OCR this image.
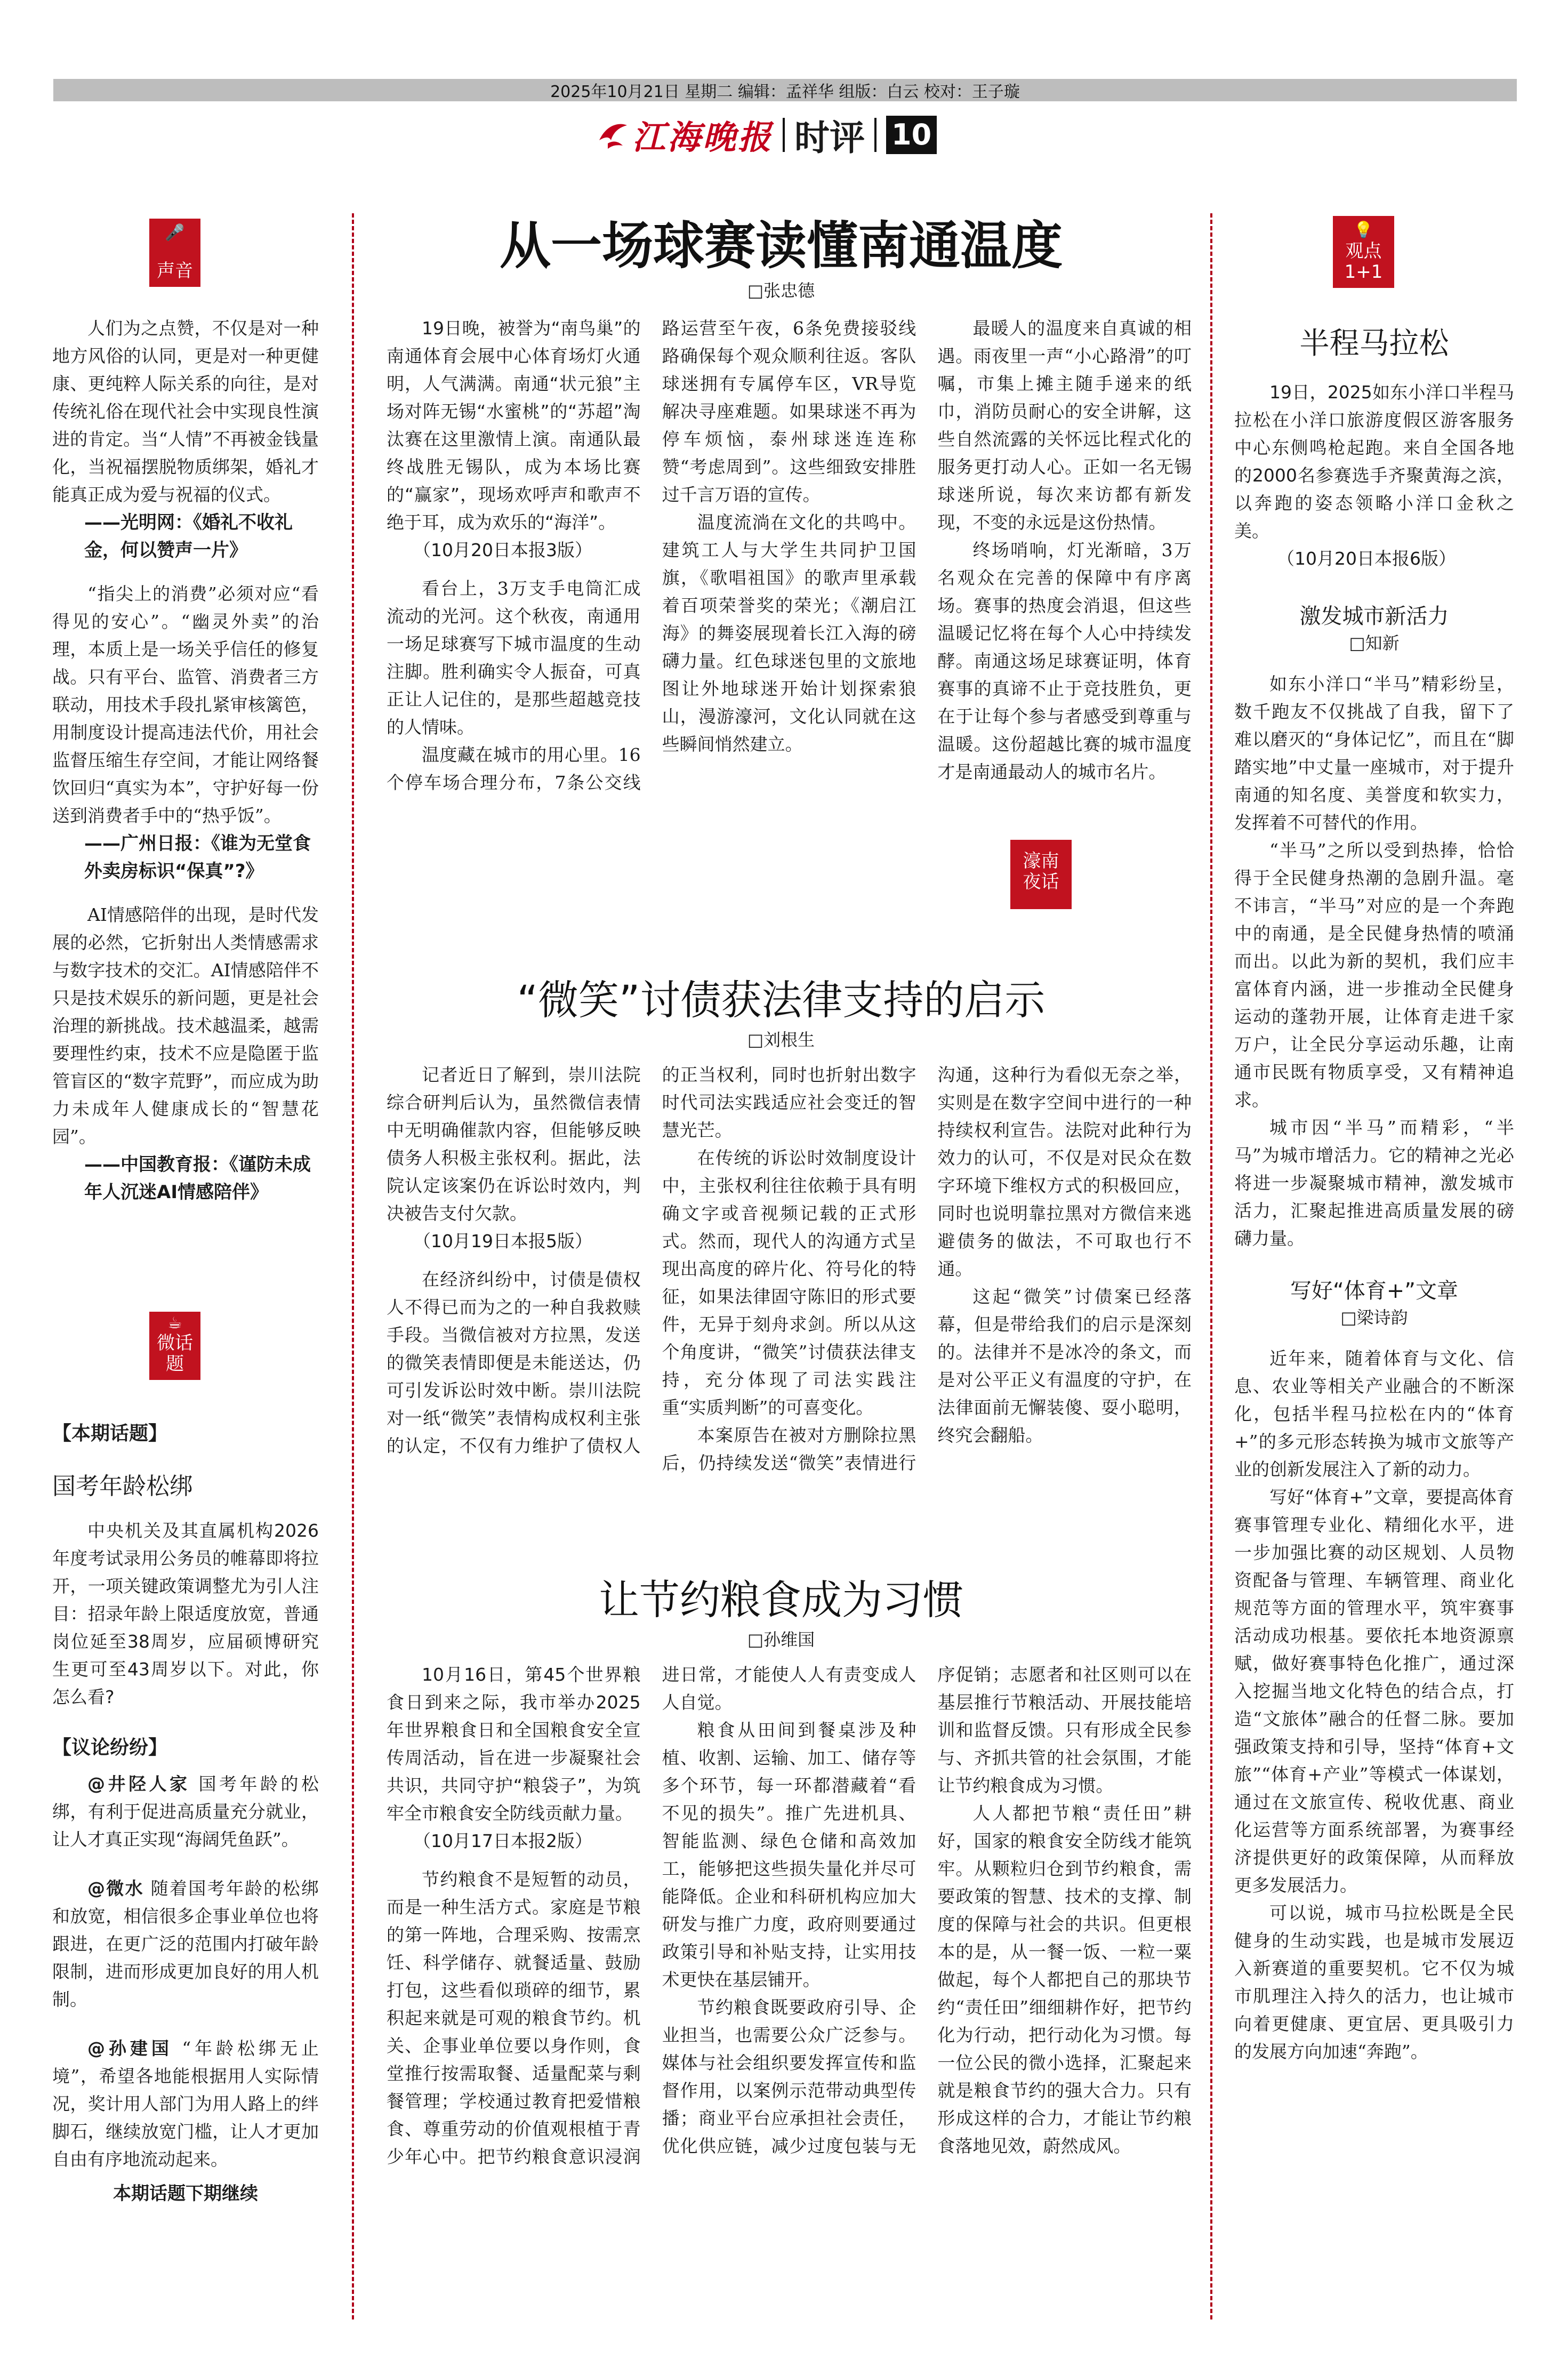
2025年10月21日 星期二 编辑：孟祥华 组版：白云 校对：王子璇
江海晚报 时评 10
🎤
声音

人们为之点赞，不仅是对一种地方风俗的认同，更是对一种更健康、更纯粹人际关系的向往，是对传统礼俗在现代社会中实现良性演进的肯定。当“人情”不再被金钱量化，当祝福摆脱物质绑架，婚礼才能真正成为爱与祝福的仪式。

——光明网：《婚礼不收礼金，何以赞声一片》

“指尖上的消费”必须对应“看得见的安心”。“幽灵外卖”的治理，本质上是一场关乎信任的修复战。只有平台、监管、消费者三方联动，用技术手段扎紧审核篱笆，用制度设计提高违法代价，用社会监督压缩生存空间，才能让网络餐饮回归“真实为本”，守护好每一份送到消费者手中的“热乎饭”。

——广州日报：《谁为无堂食外卖房标识“保真”?》

AI情感陪伴的出现，是时代发展的必然，它折射出人类情感需求与数字技术的交汇。AI情感陪伴不只是技术娱乐的新问题，更是社会治理的新挑战。技术越温柔，越需要理性约束，技术不应是隐匿于监管盲区的“数字荒野”，而应成为助力未成年人健康成长的“智慧花园”。

——中国教育报：《谨防未成年人沉迷AI情感陪伴》
☕
微话题
【本期话题】
国考年龄松绑

中央机关及其直属机构2026年度考试录用公务员的帷幕即将拉开，一项关键政策调整尤为引人注目：招录年龄上限适度放宽，普通岗位延至38周岁，应届硕博研究生更可至43周岁以下。对此，你怎么看?

【议论纷纷】

@井陉人家 国考年龄的松绑，有利于促进高质量充分就业，让人才真正实现“海阔凭鱼跃”。

@微水 随着国考年龄的松绑和放宽，相信很多企事业单位也将跟进，在更广泛的范围内打破年龄限制，进而形成更加良好的用人机制。

@孙建国 “年龄松绑无止境”，希望各地能根据用人实际情况，奖计用人部门为用人路上的绊脚石，继续放宽门槛，让人才更加自由有序地流动起来。

本期话题下期继续
从一场球赛读懂南通温度
□张忠德

19日晚，被誉为“南鸟巢”的南通体育会展中心体育场灯火通明，人气满满。南通“状元狼”主场对阵无锡“水蜜桃”的“苏超”淘汰赛在这里激情上演。南通队最终战胜无锡队，成为本场比赛的“赢家”，现场欢呼声和歌声不绝于耳，成为欢乐的“海洋”。

（10月20日本报3版）

看台上，3万支手电筒汇成流动的光河。这个秋夜，南通用一场足球赛写下城市温度的生动注脚。胜利确实令人振奋，可真正让人记住的，是那些超越竞技的人情味。

温度藏在城市的用心里。16个停车场合理分布，7条公交线路运营至午夜，6条免费接驳线路确保每个观众顺利往返。客队球迷拥有专属停车区，VR导览解决寻座难题。如果球迷不再为停车烦恼，泰州球迷连连称赞“考虑周到”。这些细致安排胜过千言万语的宣传。

温度流淌在文化的共鸣中。建筑工人与大学生共同护卫国旗，《歌唱祖国》的歌声里承载着百项荣誉奖的荣光；《潮启江海》的舞姿展现着长江入海的磅礴力量。红色球迷包里的文旅地图让外地球迷开始计划探索狼山，漫游濠河，文化认同就在这些瞬间悄然建立。

最暖人的温度来自真诚的相遇。雨夜里一声“小心路滑”的叮嘱，市集上摊主随手递来的纸巾，消防员耐心的安全讲解，这些自然流露的关怀远比程式化的服务更打动人心。正如一名无锡球迷所说，每次来访都有新发现，不变的永远是这份热情。

终场哨响，灯光渐暗，3万名观众在完善的保障中有序离场。赛事的热度会消退，但这些温暖记忆将在每个人心中持续发酵。南通这场足球赛证明，体育赛事的真谛不止于竞技胜负，更在于让每个参与者感受到尊重与温暖。这份超越比赛的城市温度才是南通最动人的城市名片。

濠南夜话
“微笑”讨债获法律支持的启示
□刘根生

记者近日了解到，崇川法院综合研判后认为，虽然微信表情中无明确催款内容，但能够反映债务人积极主张权利。据此，法院认定该案仍在诉讼时效内，判决被告支付欠款。

（10月19日本报5版）

在经济纠纷中，讨债是债权人不得已而为之的一种自我救赎手段。当微信被对方拉黑，发送的微笑表情即便是未能送达，仍可引发诉讼时效中断。崇川法院对一纸“微笑”表情构成权利主张的认定，不仅有力维护了债权人的正当权利，同时也折射出数字时代司法实践适应社会变迁的智慧光芒。

在传统的诉讼时效制度设计中，主张权利往往依赖于具有明确文字或音视频记载的正式形式。然而，现代人的沟通方式呈现出高度的碎片化、符号化的特征，如果法律固守陈旧的形式要件，无异于刻舟求剑。所以从这个角度讲，“微笑”讨债获法律支持，充分体现了司法实践注重“实质判断”的可喜变化。

本案原告在被对方删除拉黑后，仍持续发送“微笑”表情进行沟通，这种行为看似无奈之举，实则是在数字空间中进行的一种持续权利宣告。法院对此种行为效力的认可，不仅是对民众在数字环境下维权方式的积极回应，同时也说明靠拉黑对方微信来逃避债务的做法，不可取也行不通。

这起“微笑”讨债案已经落幕，但是带给我们的启示是深刻的。法律并不是冰冷的条文，而是对公平正义有温度的守护，在法律面前无懈装傻、耍小聪明，终究会翻船。

让节约粮食成为习惯
□孙维国

10月16日，第45个世界粮食日到来之际，我市举办2025年世界粮食日和全国粮食安全宣传周活动，旨在进一步凝聚社会共识，共同守护“粮袋子”，为筑牢全市粮食安全防线贡献力量。

（10月17日本报2版）

节约粮食不是短暂的动员，而是一种生活方式。家庭是节粮的第一阵地，合理采购、按需烹饪、科学储存、就餐适量、鼓励打包，这些看似琐碎的细节，累积起来就是可观的粮食节约。机关、企事业单位要以身作则，食堂推行按需取餐、适量配菜与剩餐管理；学校通过教育把爱惜粮食、尊重劳动的价值观根植于青少年心中。把节约粮食意识浸润进日常，才能使人人有责变成人人自觉。

粮食从田间到餐桌涉及种植、收割、运输、加工、储存等多个环节，每一环都潜藏着“看不见的损失”。推广先进机具、智能监测、绿色仓储和高效加工，能够把这些损失量化并尽可能降低。企业和科研机构应加大研发与推广力度，政府则要通过政策引导和补贴支持，让实用技术更快在基层铺开。

节约粮食既要政府引导、企业担当，也需要公众广泛参与。媒体与社会组织要发挥宣传和监督作用，以案例示范带动典型传播；商业平台应承担社会责任，优化供应链，减少过度包装与无序促销；志愿者和社区则可以在基层推行节粮活动、开展技能培训和监督反馈。只有形成全民参与、齐抓共管的社会氛围，才能让节约粮食成为习惯。

人人都把节粮“责任田”耕好，国家的粮食安全防线才能筑牢。从颗粒归仓到节约粮食，需要政策的智慧、技术的支撑、制度的保障与社会的共识。但更根本的是，从一餐一饭、一粒一粟做起，每个人都把自己的那块节约“责任田”细细耕作好，把节约化为行动，把行动化为习惯。每一位公民的微小选择，汇聚起来就是粮食节约的强大合力。只有形成这样的合力，才能让节约粮食落地见效，蔚然成风。

💡
观点1+1
半程马拉松

19日，2025如东小洋口半程马拉松在小洋口旅游度假区游客服务中心东侧鸣枪起跑。来自全国各地的2000名参赛选手齐聚黄海之滨，以奔跑的姿态领略小洋口金秋之美。

（10月20日本报6版）
激发城市新活力
□知新

如东小洋口“半马”精彩纷呈，数千跑友不仅挑战了自我，留下了难以磨灭的“身体记忆”，而且在“脚踏实地”中丈量一座城市，对于提升南通的知名度、美誉度和软实力，发挥着不可替代的作用。

“半马”之所以受到热捧，恰恰得于全民健身热潮的急剧升温。毫不讳言，“半马”对应的是一个奔跑中的南通，是全民健身热情的喷涌而出。以此为新的契机，我们应丰富体育内涵，进一步推动全民健身运动的蓬勃开展，让体育走进千家万户，让全民分享运动乐趣，让南通市民既有物质享受，又有精神追求。

城市因“半马”而精彩，“半马”为城市增活力。它的精神之光必将进一步凝聚城市精神，激发城市活力，汇聚起推进高质量发展的磅礴力量。

写好“体育+”文章
□梁诗韵

近年来，随着体育与文化、信息、农业等相关产业融合的不断深化，包括半程马拉松在内的“体育+”的多元形态转换为城市文旅等产业的创新发展注入了新的动力。

写好“体育+”文章，要提高体育赛事管理专业化、精细化水平，进一步加强比赛的动区规划、人员物资配备与管理、车辆管理、商业化规范等方面的管理水平，筑牢赛事活动成功根基。要依托本地资源禀赋，做好赛事特色化推广，通过深入挖掘当地文化特色的结合点，打造“文旅体”融合的任督二脉。要加强政策支持和引导，坚持“体育+文旅”“体育+产业”等模式一体谋划，通过在文旅宣传、税收优惠、商业化运营等方面系统部署，为赛事经济提供更好的政策保障，从而释放更多发展活力。

可以说，城市马拉松既是全民健身的生动实践，也是城市发展迈入新赛道的重要契机。它不仅为城市肌理注入持久的活力，也让城市向着更健康、更宜居、更具吸引力的发展方向加速“奔跑”。
